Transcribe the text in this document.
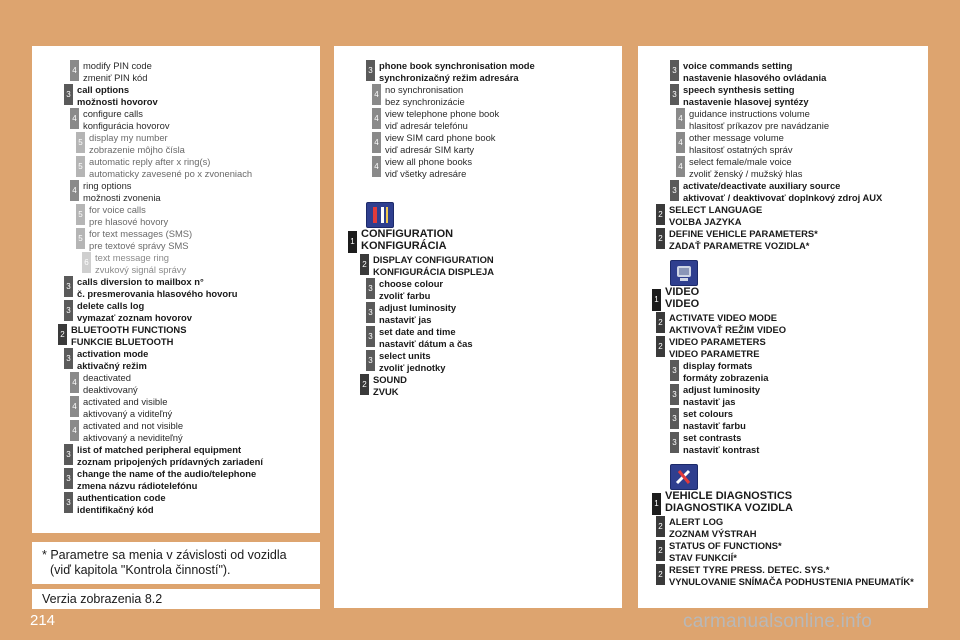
4 modify PIN code
zmeniť PIN kód
3 call options
možnosti hovorov
4 configure calls
konfigurácia hovorov
5 display my number
zobrazenie môjho čísla
5 automatic reply after x ring(s)
automaticky zavesené po x zvoneniach
4 ring options
možnosti zvonenia
5 for voice calls
pre hlasové hovory
5 for text messages (SMS)
pre textové správy SMS
6 text message ring
zvukový signál správy
3 calls diversion to mailbox n°
č. presmerovania hlasového hovoru
3 delete calls log
vymazať zoznam hovorov
2 BLUETOOTH FUNCTIONS
FUNKCIE BLUETOOTH
3 activation mode
aktivačný režim
4 deactivated
deaktivovaný
4 activated and visible
aktivovaný a viditeľný
4 activated and not visible
aktivovaný a neviditeľný
3 list of matched peripheral equipment
zoznam pripojených prídavných zariadení
3 change the name of the audio/telephone
zmena názvu rádiotelefónu
3 authentication code
identifikačný kód
3 phone book synchronisation mode
synchronizačný režim adresára
4 no synchronisation
bez synchronizácie
4 view telephone phone book
viď adresár telefónu
4 view SIM card phone book
viď adresár SIM karty
4 view all phone books
viď všetky adresáre
1
CONFIGURATION
KONFIGURÁCIA
2 DISPLAY CONFIGURATION
KONFIGURÁCIA DISPLEJA
3 choose colour
zvoliť farbu
3 adjust luminosity
nastaviť jas
3 set date and time
nastaviť dátum a čas
3 select units
zvoliť jednotky
2 SOUND
ZVUK
3 voice commands setting
nastavenie hlasového ovládania
3 speech synthesis setting
nastavenie hlasovej syntézy
4 guidance instructions volume
hlasitosť príkazov pre navádzanie
4 other message volume
hlasitosť ostatných správ
4 select female/male voice
zvoliť ženský / mužský hlas
3 activate/deactivate auxiliary source
aktivovať / deaktivovať doplnkový zdroj AUX
2 SELECT LANGUAGE
VOĽBA JAZYKA
2 DEFINE VEHICLE PARAMETERS*
ZADAŤ PARAMETRE VOZIDLA*
1
VIDEO
VIDEO
2 ACTIVATE VIDEO MODE
AKTIVOVAŤ REŽIM VIDEO
2 VIDEO PARAMETERS
VIDEO PARAMETRE
3 display formats
formáty zobrazenia
3 adjust luminosity
nastaviť jas
3 set colours
nastaviť farbu
3 set contrasts
nastaviť kontrast
1
VEHICLE DIAGNOSTICS
DIAGNOSTIKA VOZIDLA
2 ALERT LOG
ZOZNAM VÝSTRAH
2 STATUS OF FUNCTIONS*
STAV FUNKCIÍ*
2 RESET TYRE PRESS. DETEC. SYS.*
VYNULOVANIE SNÍMAČA PODHUSTENIA PNEUMATÍK*
* Parametre sa menia v závislosti od vozidla
(viď kapitola "Kontrola činností").
Verzia zobrazenia 8.2
214	carmanualsonline.info
